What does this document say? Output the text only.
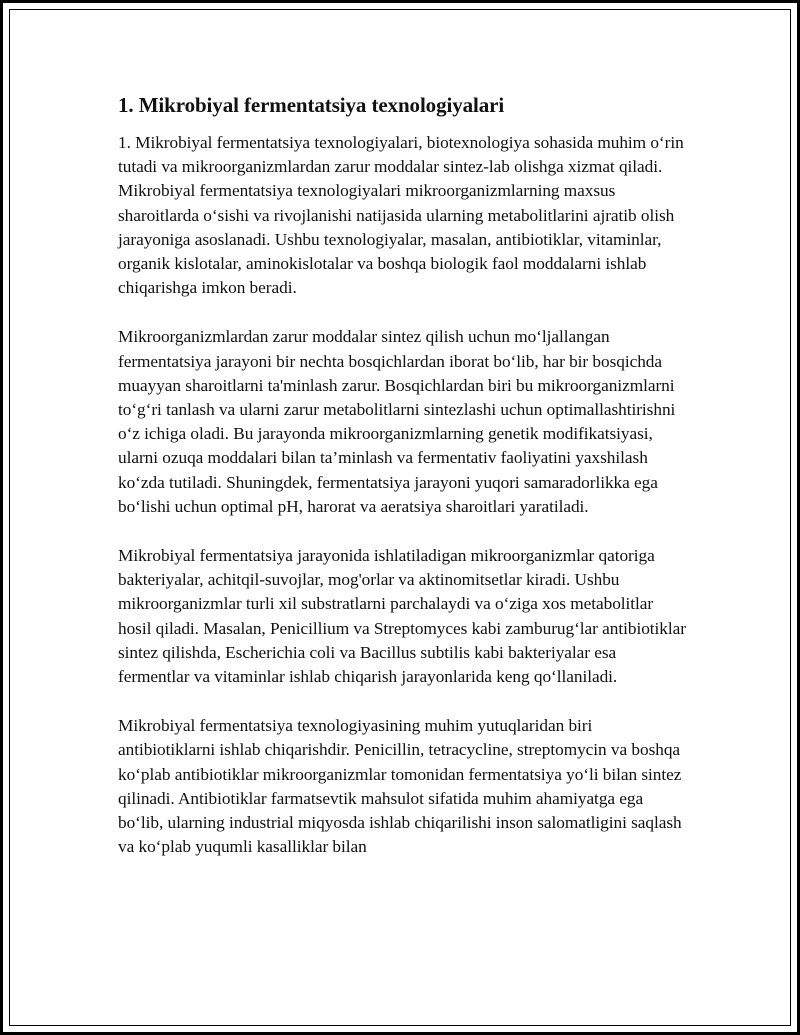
1. Mikrobiyal fermentatsiya texnologiyalari

1. Mikrobiyal fermentatsiya texnologiyalari, biotexnologiya sohasida muhim o‘rin tutadi va mikroorganizmlardan zarur moddalar sintez-lab olishga xizmat qiladi. Mikrobiyal fermentatsiya texnologiyalari mikroorganizmlarning maxsus sharoitlarda o‘sishi va rivojlanishi natijasida ularning metabolitlarini ajratib olish jarayoniga asoslanadi. Ushbu texnologiyalar, masalan, antibiotiklar, vitaminlar, organik kislotalar, aminokislotalar va boshqa biologik faol moddalarni ishlab chiqarishga imkon beradi.

Mikroorganizmlardan zarur moddalar sintez qilish uchun mo‘ljallangan fermentatsiya jarayoni bir nechta bosqichlardan iborat bo‘lib, har bir bosqichda muayyan sharoitlarni ta'minlash zarur. Bosqichlardan biri bu mikroorganizmlarni to‘g‘ri tanlash va ularni zarur metabolitlarni sintezlashi uchun optimallashtirishni o‘z ichiga oladi. Bu jarayonda mikroorganizmlarning genetik modifikatsiyasi, ularni ozuqa moddalari bilan ta’minlash va fermentativ faoliyatini yaxshilash ko‘zda tutiladi. Shuningdek, fermentatsiya jarayoni yuqori samaradorlikka ega bo‘lishi uchun optimal pH, harorat va aeratsiya sharoitlari yaratiladi.

Mikrobiyal fermentatsiya jarayonida ishlatiladigan mikroorganizmlar qatoriga bakteriyalar, achitqil-suvojlar, mog'orlar va aktinomitsetlar kiradi. Ushbu mikroorganizmlar turli xil substratlarni parchalaydi va o‘ziga xos metabolitlar hosil qiladi. Masalan, Penicillium va Streptomyces kabi zamburug‘lar antibiotiklar sintez qilishda, Escherichia coli va Bacillus subtilis kabi bakteriyalar esa fermentlar va vitaminlar ishlab chiqarish jarayonlarida keng qo‘llaniladi.

Mikrobiyal fermentatsiya texnologiyasining muhim yutuqlaridan biri antibiotiklarni ishlab chiqarishdir. Penicillin, tetracycline, streptomycin va boshqa ko‘plab antibiotiklar mikroorganizmlar tomonidan fermentatsiya yo‘li bilan sintez qilinadi. Antibiotiklar farmatsevtik mahsulot sifatida muhim ahamiyatga ega bo‘lib, ularning industrial miqyosda ishlab chiqarilishi inson salomatligini saqlash va ko‘plab yuqumli kasalliklar bilan
